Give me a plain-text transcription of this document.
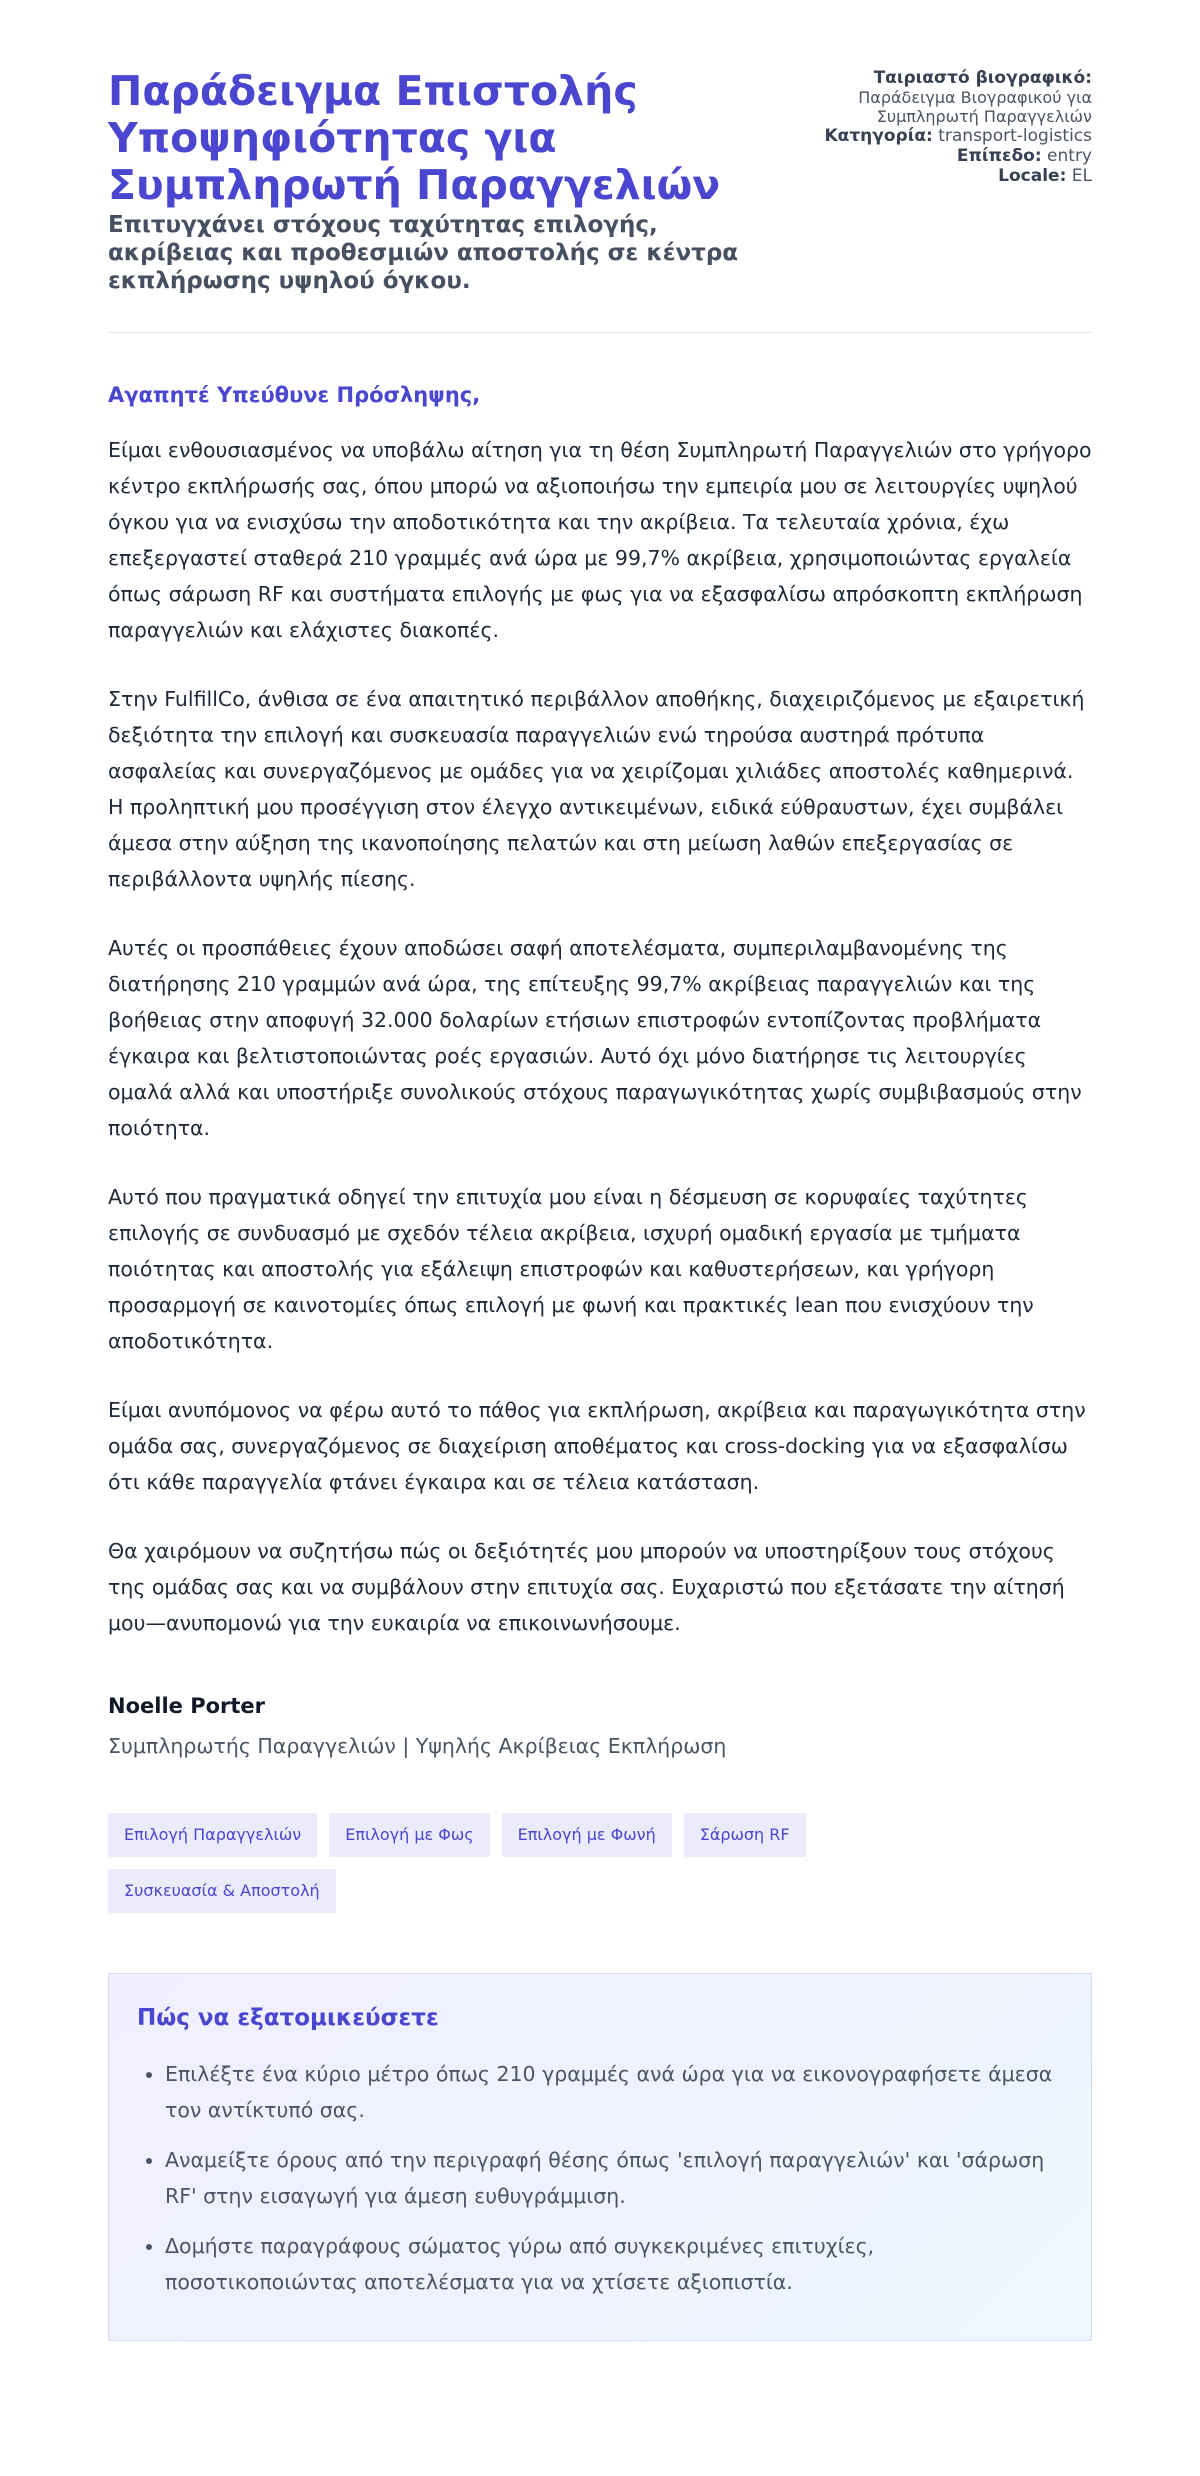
Παράδειγμα Επιστολής Υποψηφιότητας για Συμπληρωτή Παραγγελιών

Επιτυγχάνει στόχους ταχύτητας επιλογής, ακρίβειας και προθεσμιών αποστολής σε κέντρα εκπλήρωσης υψηλού όγκου.

Ταιριαστό βιογραφικό:
Παράδειγμα Βιογραφικού για Συμπληρωτή Παραγγελιών

Κατηγορία: transport-logistics

Επίπεδο: entry

Locale: EL

Αγαπητέ Υπεύθυνε Πρόσληψης,

Είμαι ενθουσιασμένος να υποβάλω αίτηση για τη θέση Συμπληρωτή Παραγγελιών στο γρήγορο κέντρο εκπλήρωσής σας, όπου μπορώ να αξιοποιήσω την εμπειρία μου σε λειτουργίες υψηλού όγκου για να ενισχύσω την αποδοτικότητα και την ακρίβεια. Τα τελευταία χρόνια, έχω επεξεργαστεί σταθερά 210 γραμμές ανά ώρα με 99,7% ακρίβεια, χρησιμοποιώντας εργαλεία όπως σάρωση RF και συστήματα επιλογής με φως για να εξασφαλίσω απρόσκοπτη εκπλήρωση παραγγελιών και ελάχιστες διακοπές.

Στην FulfillCo, άνθισα σε ένα απαιτητικό περιβάλλον αποθήκης, διαχειριζόμενος με εξαιρετική δεξιότητα την επιλογή και συσκευασία παραγγελιών ενώ τηρούσα αυστηρά πρότυπα ασφαλείας και συνεργαζόμενος με ομάδες για να χειρίζομαι χιλιάδες αποστολές καθημερινά. Η προληπτική μου προσέγγιση στον έλεγχο αντικειμένων, ειδικά εύθραυστων, έχει συμβάλει άμεσα στην αύξηση της ικανοποίησης πελατών και στη μείωση λαθών επεξεργασίας σε περιβάλλοντα υψηλής πίεσης.

Αυτές οι προσπάθειες έχουν αποδώσει σαφή αποτελέσματα, συμπεριλαμβανομένης της διατήρησης 210 γραμμών ανά ώρα, της επίτευξης 99,7% ακρίβειας παραγγελιών και της βοήθειας στην αποφυγή 32.000 δολαρίων ετήσιων επιστροφών εντοπίζοντας προβλήματα έγκαιρα και βελτιστοποιώντας ροές εργασιών. Αυτό όχι μόνο διατήρησε τις λειτουργίες ομαλά αλλά και υποστήριξε συνολικούς στόχους παραγωγικότητας χωρίς συμβιβασμούς στην ποιότητα.

Αυτό που πραγματικά οδηγεί την επιτυχία μου είναι η δέσμευση σε κορυφαίες ταχύτητες επιλογής σε συνδυασμό με σχεδόν τέλεια ακρίβεια, ισχυρή ομαδική εργασία με τμήματα ποιότητας και αποστολής για εξάλειψη επιστροφών και καθυστερήσεων, και γρήγορη προσαρμογή σε καινοτομίες όπως επιλογή με φωνή και πρακτικές lean που ενισχύουν την αποδοτικότητα.

Είμαι ανυπόμονος να φέρω αυτό το πάθος για εκπλήρωση, ακρίβεια και παραγωγικότητα στην ομάδα σας, συνεργαζόμενος σε διαχείριση αποθέματος και cross-docking για να εξασφαλίσω ότι κάθε παραγγελία φτάνει έγκαιρα και σε τέλεια κατάσταση.

Θα χαιρόμουν να συζητήσω πώς οι δεξιότητές μου μπορούν να υποστηρίξουν τους στόχους της ομάδας σας και να συμβάλουν στην επιτυχία σας. Ευχαριστώ που εξετάσατε την αίτησή μου—ανυπομονώ για την ευκαιρία να επικοινωνήσουμε.

Noelle Porter

Συμπληρωτής Παραγγελιών | Υψηλής Ακρίβειας Εκπλήρωση

Επιλογή Παραγγελιών	Επιλογή με Φως	Επιλογή με Φωνή	Σάρωση RF
Συσκευασία & Αποστολή
Πώς να εξατομικεύσετε
• Επιλέξτε ένα κύριο μέτρο όπως 210 γραμμές ανά ώρα για να εικονογραφήσετε άμεσα τον αντίκτυπό σας.
• Αναμείξτε όρους από την περιγραφή θέσης όπως 'επιλογή παραγγελιών' και 'σάρωση RF' στην εισαγωγή για άμεση ευθυγράμμιση.
• Δομήστε παραγράφους σώματος γύρω από συγκεκριμένες επιτυχίες, ποσοτικοποιώντας αποτελέσματα για να χτίσετε αξιοπιστία.
